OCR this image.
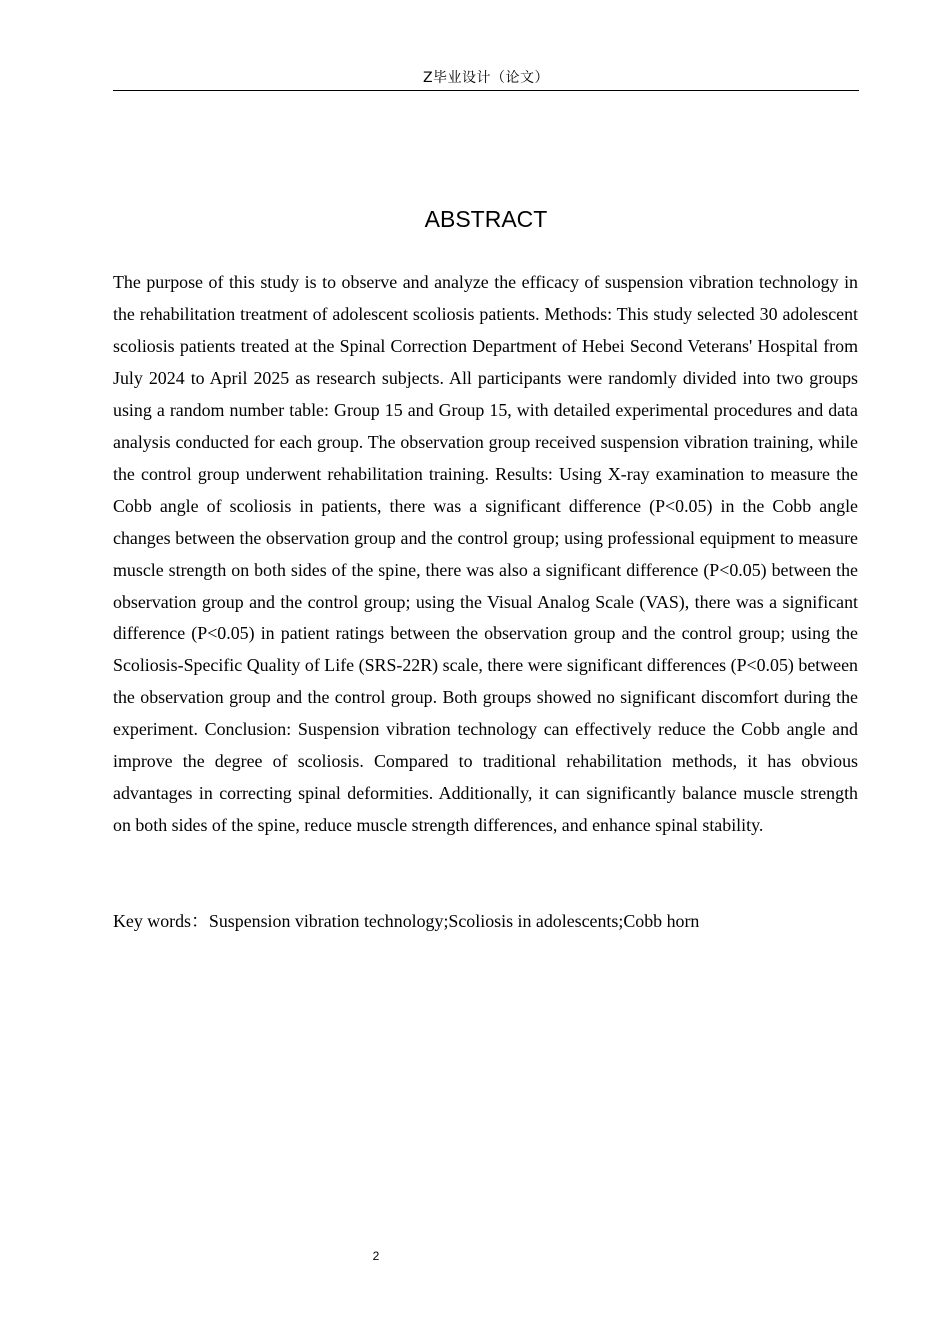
Z毕业设计（论文）
ABSTRACT

The purpose of this study is to observe and analyze the efficacy of suspension vibration technology in the rehabilitation treatment of adolescent scoliosis patients. Methods: This study selected 30 adolescent scoliosis patients treated at the Spinal Correction Department of Hebei Second Veterans' Hospital from July 2024 to April 2025 as research subjects. All participants were randomly divided into two groups using a random number table: Group 15 and Group 15, with detailed experimental procedures and data analysis conducted for each group. The observation group received suspension vibration training, while the control group underwent rehabilitation training. Results: Using X-ray examination to measure the Cobb angle of scoliosis in patients, there was a significant difference (P<0.05) in the Cobb angle changes between the observation group and the control group; using professional equipment to measure muscle strength on both sides of the spine, there was also a significant difference (P<0.05) between the observation group and the control group; using the Visual Analog Scale (VAS), there was a significant difference (P<0.05) in patient ratings between the observation group and the control group; using the Scoliosis-Specific Quality of Life (SRS-22R) scale, there were significant differences (P<0.05) between the observation group and the control group. Both groups showed no significant discomfort during the experiment. Conclusion: Suspension vibration technology can effectively reduce the Cobb angle and improve the degree of scoliosis. Compared to traditional rehabilitation methods, it has obvious advantages in correcting spinal deformities. Additionally, it can significantly balance muscle strength on both sides of the spine, reduce muscle strength differences, and enhance spinal stability.

Key words：Suspension vibration technology;Scoliosis in adolescents;Cobb horn
2
